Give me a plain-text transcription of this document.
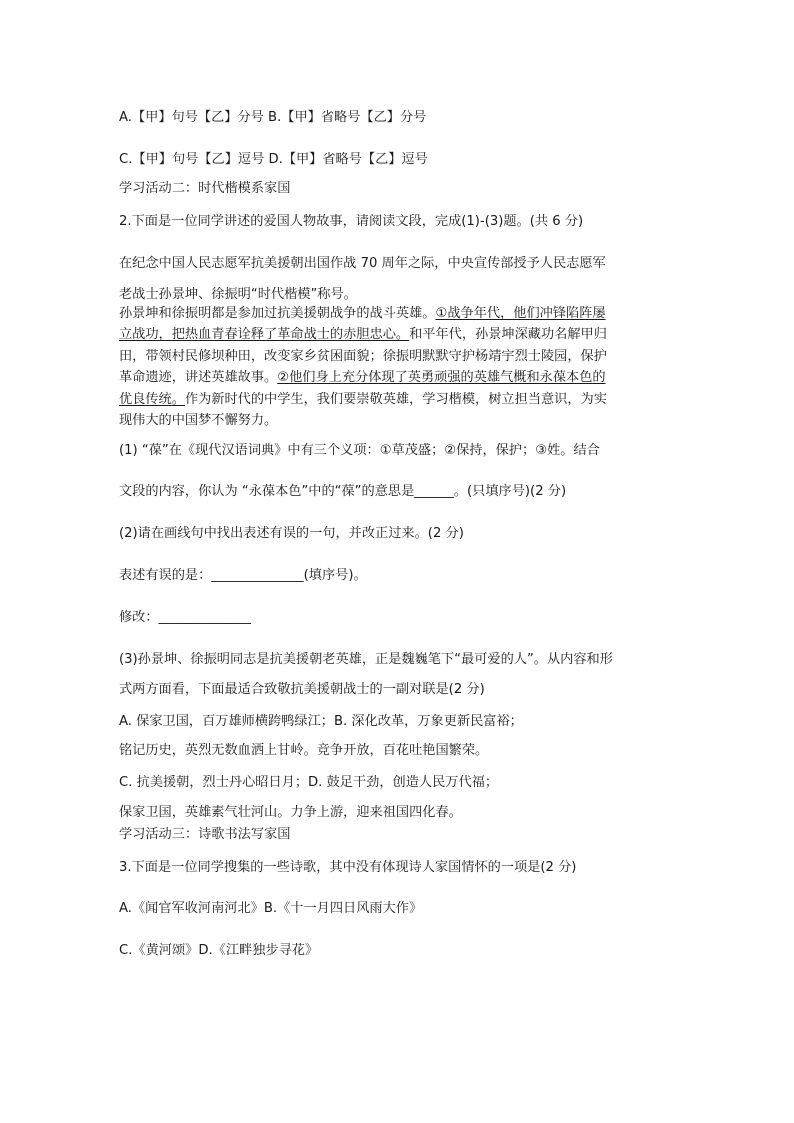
A.【甲】句号【乙】分号 B.【甲】省略号【乙】分号
C.【甲】句号【乙】逗号 D.【甲】省略号【乙】逗号
学习活动二：时代楷模系家国
2.下面是一位同学讲述的爱国人物故事，请阅读文段，完成(1)-(3)题。(共 6 分)
在纪念中国人民志愿军抗美援朝出国作战 70 周年之际，中央宣传部授予人民志愿军
老战士孙景坤、徐振明“时代楷模”称号。
孙景坤和徐振明都是参加过抗美援朝战争的战斗英雄。①战争年代，他们冲锋陷阵屡
立战功，把热血青春诠释了革命战士的赤胆忠心。和平年代，孙景坤深藏功名解甲归
田，带领村民修坝种田，改变家乡贫困面貌；徐振明默默守护杨靖宇烈士陵园，保护
革命遗迹，讲述英雄故事。②他们身上充分体现了英勇顽强的英雄气概和永葆本色的
优良传统。作为新时代的中学生，我们要崇敬英雄，学习楷模，树立担当意识，为实
现伟大的中国梦不懈努力。
(1) “葆”在《现代汉语词典》中有三个义项：①草茂盛；②保持，保护；③姓。结合
文段的内容，你认为 “永葆本色”中的“葆”的意思是______。(只填序号)(2 分)
(2)请在画线句中找出表述有误的一句，并改正过来。(2 分)
表述有误的是：______________(填序号)。
修改：______________
(3)孙景坤、徐振明同志是抗美援朝老英雄，正是魏巍笔下“最可爱的人”。从内容和形
式两方面看，下面最适合致敬抗美援朝战士的一副对联是(2 分)
A. 保家卫国，百万雄师横跨鸭绿江；B. 深化改革，万象更新民富裕；
铭记历史，英烈无数血洒上甘岭。竞争开放，百花吐艳国繁荣。
C. 抗美援朝，烈士丹心昭日月；D. 鼓足干劲，创造人民万代福；
保家卫国，英雄素气壮河山。力争上游，迎来祖国四化春。
学习活动三：诗歌书法写家国
3.下面是一位同学搜集的一些诗歌，其中没有体现诗人家国情怀的一项是(2 分)
A.《闻官军收河南河北》B.《十一月四日风雨大作》
C.《黄河颂》D.《江畔独步寻花》
